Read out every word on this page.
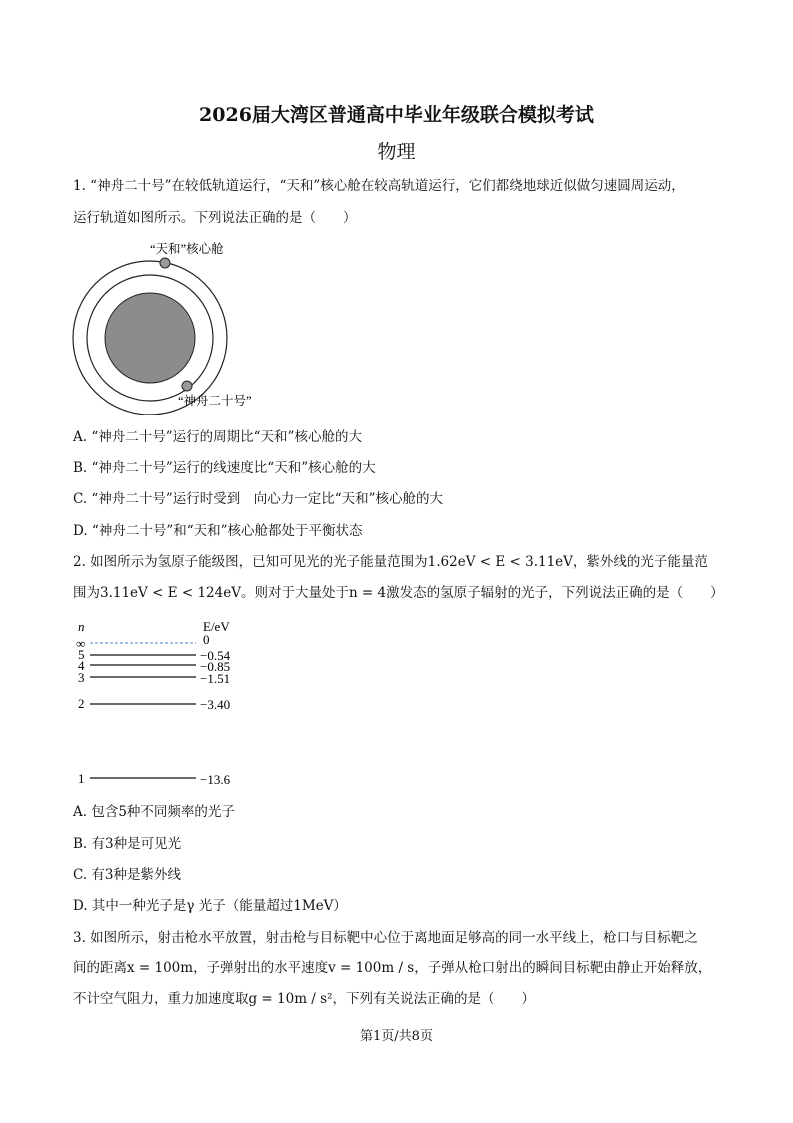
2026届大湾区普通高中毕业年级联合模拟考试
物理
1. “神舟二十号”在较低轨道运行，“天和”核心舱在较高轨道运行，它们都绕地球近似做匀速圆周运动，
运行轨道如图所示。下列说法正确的是（　　）
“天和”核心舱
“神舟二十号”
A. “神舟二十号”运行的周期比“天和”核心舱的大
B. “神舟二十号”运行的线速度比“天和”核心舱的大
C. “神舟二十号”运行时受到　向心力一定比“天和”核心舱的大
D. “神舟二十号”和“天和”核心舱都处于平衡状态
2. 如图所示为氢原子能级图，已知可见光的光子能量范围为1.62eV < E < 3.11eV，紫外线的光子能量范
围为3.11eV < E < 124eV。则对于大量处于n = 4激发态的氢原子辐射的光子，下列说法正确的是（　　）
n	E/eV
∞	0
5	−0.54
4	−0.85
3	−1.51
2	−3.40
1	−13.6
A. 包含5种不同频率的光子
B. 有3种是可见光
C. 有3种是紫外线
D. 其中一种光子是γ 光子（能量超过1MeV）
3. 如图所示，射击枪水平放置，射击枪与目标靶中心位于离地面足够高的同一水平线上，枪口与目标靶之
间的距离x = 100m，子弹射出的水平速度v = 100m / s，子弹从枪口射出的瞬间目标靶由静止开始释放，
不计空气阻力，重力加速度取g = 10m / s²，下列有关说法正确的是（　　）
第1页/共8页
